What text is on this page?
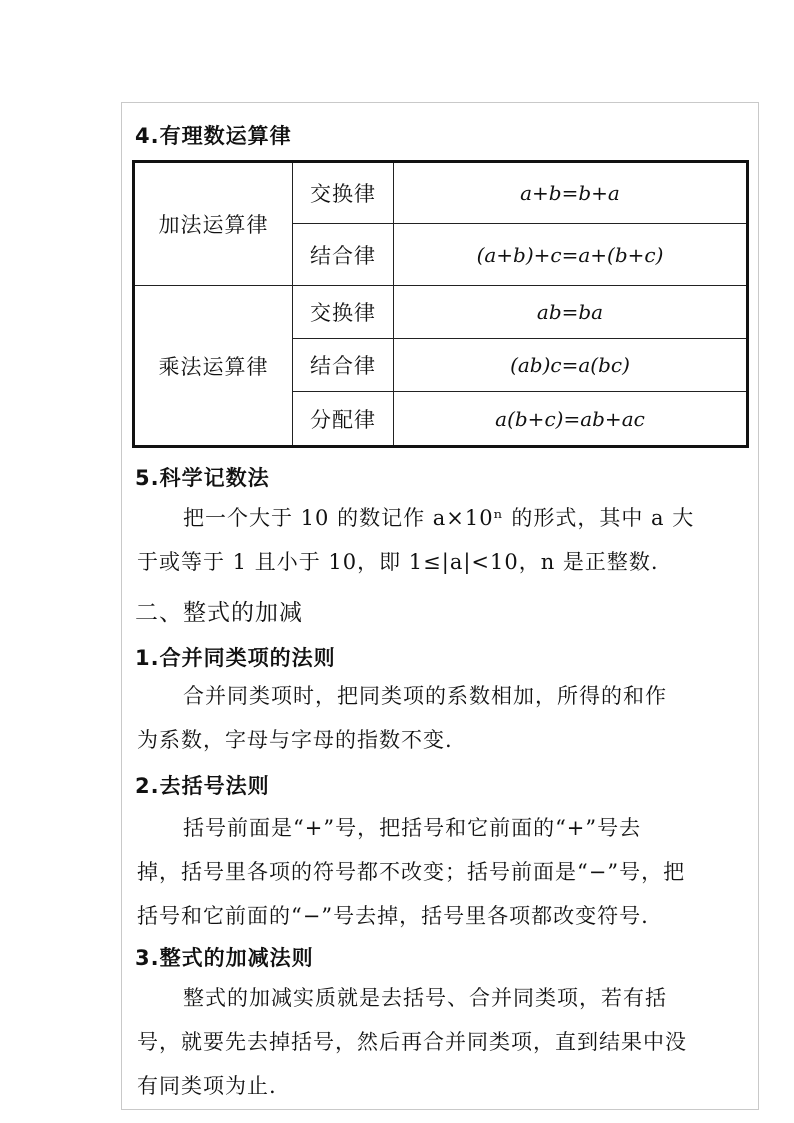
4.有理数运算律
加法运算律	交换律	a+b=b+a
	结合律	(a+b)+c=a+(b+c)
乘法运算律	交换律	ab=ba
	结合律	(ab)c=a(bc)
	分配律	a(b+c)=ab+ac
5.科学记数法
把一个大于 10 的数记作 a×10ⁿ 的形式，其中 a 大
于或等于 1 且小于 10，即 1≤|a|<10，n 是正整数.
二、整式的加减
1.合并同类项的法则
合并同类项时，把同类项的系数相加，所得的和作
为系数，字母与字母的指数不变.
2.去括号法则
括号前面是“+”号，把括号和它前面的“+”号去
掉，括号里各项的符号都不改变；括号前面是“−”号，把
括号和它前面的“−”号去掉，括号里各项都改变符号.
3.整式的加减法则
整式的加减实质就是去括号、合并同类项，若有括
号，就要先去掉括号，然后再合并同类项，直到结果中没
有同类项为止.
